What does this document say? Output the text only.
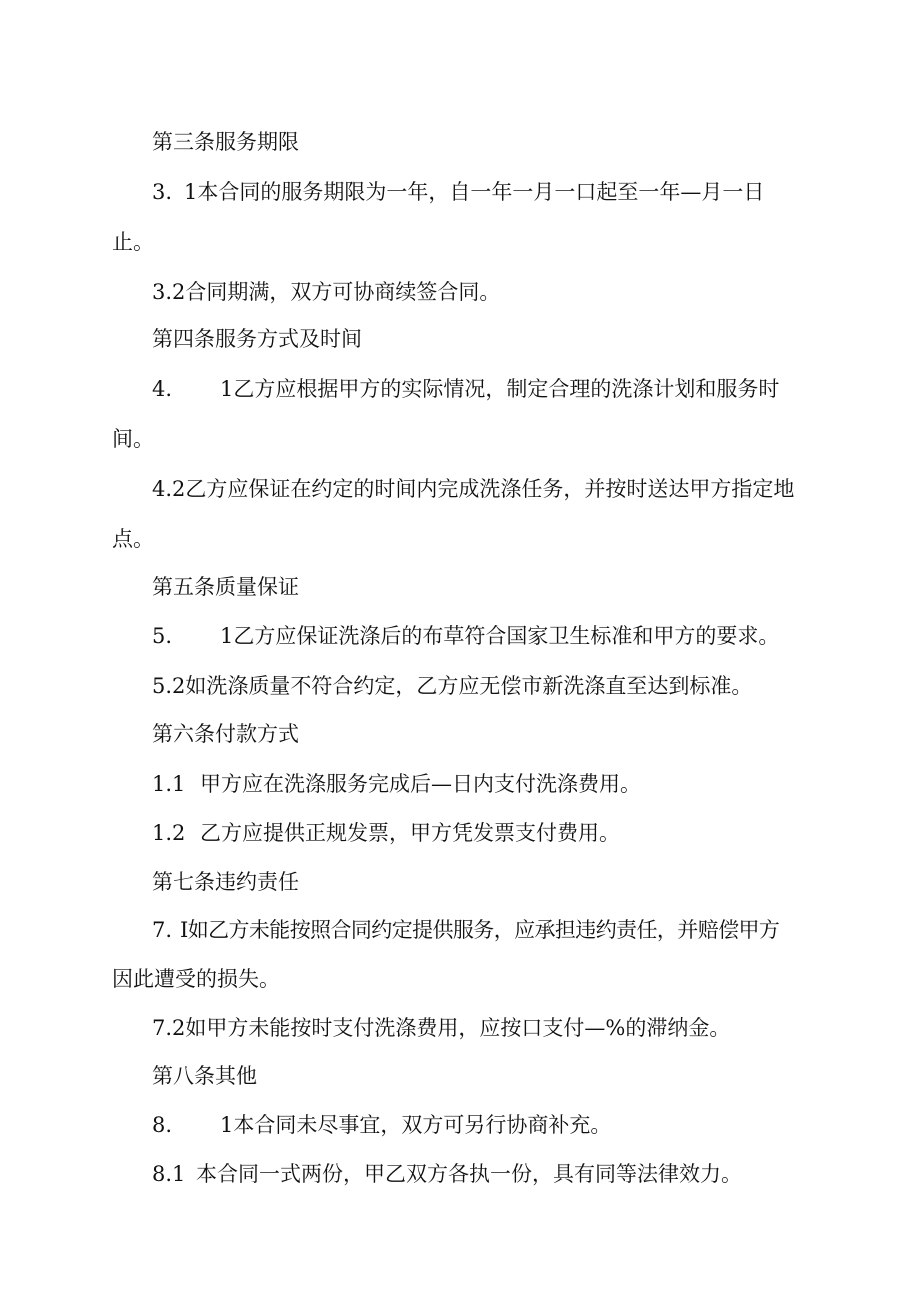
第三条服务期限
3. 1本合同的服务期限为一年，自一年一月一口起至一年—月一日
止。
3.2合同期满，双方可协商续签合同。
第四条服务方式及时间
4. 1乙方应根据甲方的实际情况，制定合理的洗涤计划和服务时
间。
4.2乙方应保证在约定的时间内完成洗涤任务，并按时送达甲方指定地
点。
第五条质量保证
5. 1乙方应保证洗涤后的布草符合国家卫生标准和甲方的要求。
5.2如洗涤质量不符合约定，乙方应无偿市新洗涤直至达到标准。
第六条付款方式
1.1 甲方应在洗涤服务完成后—日内支付洗涤费用。
1.2 乙方应提供正规发票，甲方凭发票支付费用。
第七条违约责任
7. I如乙方未能按照合同约定提供服务，应承担违约责任，并赔偿甲方
因此遭受的损失。
7.2如甲方未能按时支付洗涤费用，应按口支付—%的滞纳金。
第八条其他
8. 1本合同未尽事宜，双方可另行协商补充。
8.1 本合同一式两份，甲乙双方各执一份，具有同等法律效力。
